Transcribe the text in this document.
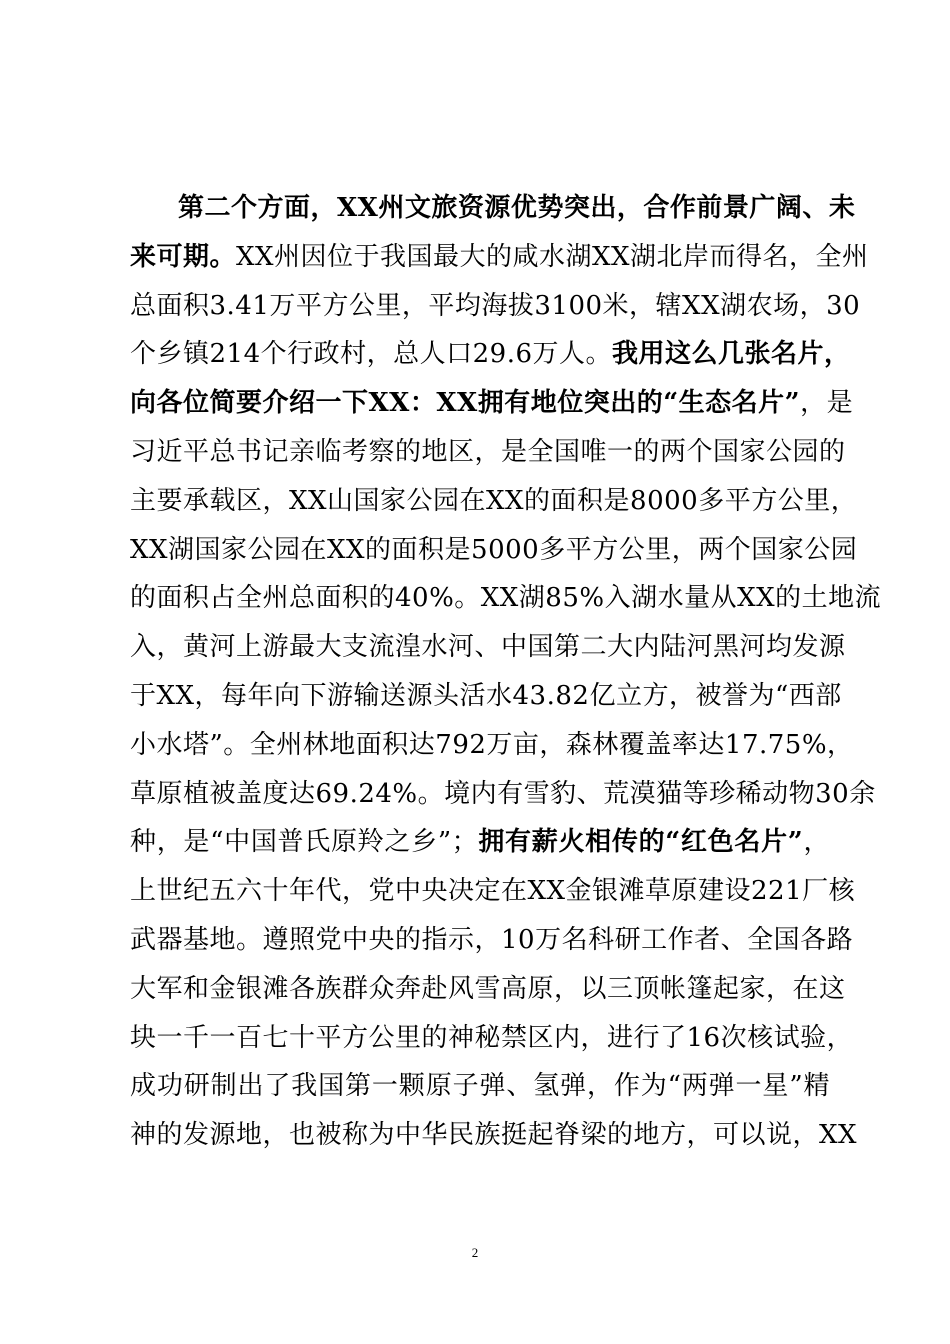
第二个方面，XX州文旅资源优势突出，合作前景广阔、未
来可期。XX州因位于我国最大的咸水湖XX湖北岸而得名，全州
总面积3.41万平方公里，平均海拔3100米，辖XX湖农场，30
个乡镇214个行政村，总人口29.6万人。我用这么几张名片，
向各位简要介绍一下XX：XX拥有地位突出的“生态名片”，是
习近平总书记亲临考察的地区，是全国唯一的两个国家公园的
主要承载区，XX山国家公园在XX的面积是8000多平方公里，
XX湖国家公园在XX的面积是5000多平方公里，两个国家公园
的面积占全州总面积的40%。XX湖85%入湖水量从XX的土地流
入，黄河上游最大支流湟水河、中国第二大内陆河黑河均发源
于XX，每年向下游输送源头活水43.82亿立方，被誉为“西部
小水塔”。全州林地面积达792万亩，森林覆盖率达17.75%，
草原植被盖度达69.24%。境内有雪豹、荒漠猫等珍稀动物30余
种，是“中国普氏原羚之乡”；拥有薪火相传的“红色名片”，
上世纪五六十年代，党中央决定在XX金银滩草原建设221厂核
武器基地。遵照党中央的指示，10万名科研工作者、全国各路
大军和金银滩各族群众奔赴风雪高原，以三顶帐篷起家，在这
块一千一百七十平方公里的神秘禁区内，进行了16次核试验，
成功研制出了我国第一颗原子弹、氢弹，作为“两弹一星”精
神的发源地，也被称为中华民族挺起脊梁的地方，可以说，XX
2
